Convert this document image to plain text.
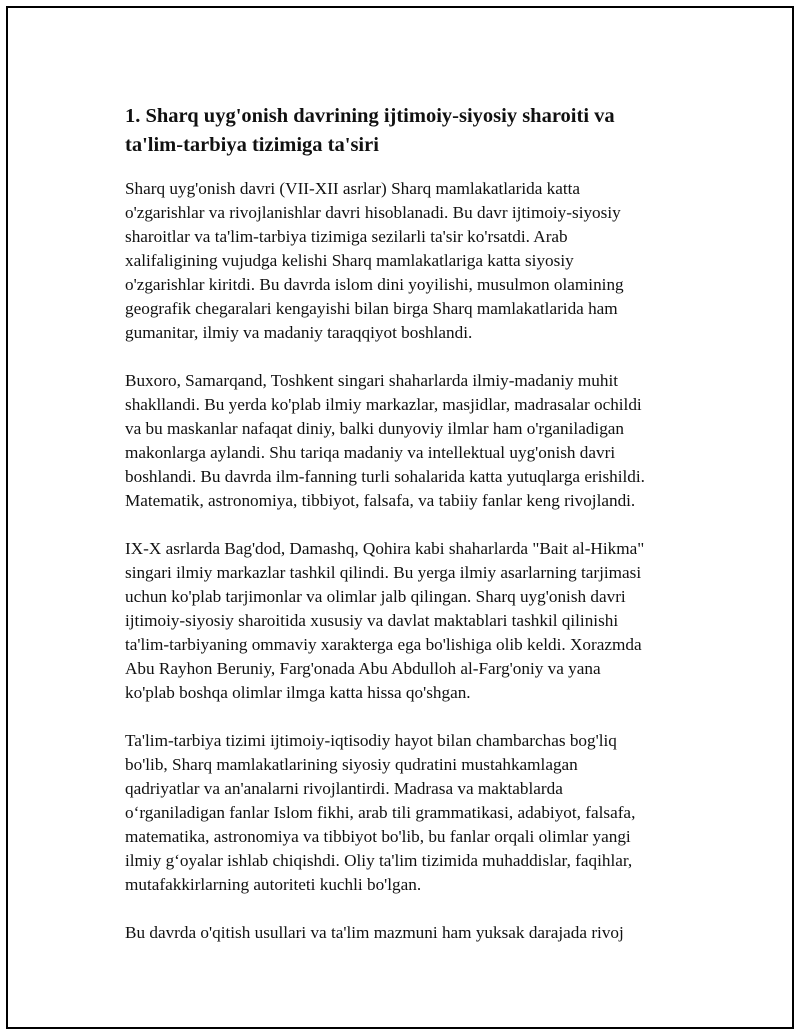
1. Sharq uyg'onish davrining ijtimoiy-siyosiy sharoiti va
ta'lim-tarbiya tizimiga ta'siri
Sharq uyg'onish davri (VII-XII asrlar) Sharq mamlakatlarida katta
o'zgarishlar va rivojlanishlar davri hisoblanadi. Bu davr ijtimoiy-siyosiy
sharoitlar va ta'lim-tarbiya tizimiga sezilarli ta'sir ko'rsatdi. Arab
xalifaligining vujudga kelishi Sharq mamlakatlariga katta siyosiy
o'zgarishlar kiritdi. Bu davrda islom dini yoyilishi, musulmon olamining
geografik chegaralari kengayishi bilan birga Sharq mamlakatlarida ham
gumanitar, ilmiy va madaniy taraqqiyot boshlandi.
Buxoro, Samarqand, Toshkent singari shaharlarda ilmiy-madaniy muhit
shakllandi. Bu yerda ko'plab ilmiy markazlar, masjidlar, madrasalar ochildi
va bu maskanlar nafaqat diniy, balki dunyoviy ilmlar ham o'rganiladigan
makonlarga aylandi. Shu tariqa madaniy va intellektual uyg'onish davri
boshlandi. Bu davrda ilm-fanning turli sohalarida katta yutuqlarga erishildi.
Matematik, astronomiya, tibbiyot, falsafa, va tabiiy fanlar keng rivojlandi.
IX-X asrlarda Bag'dod, Damashq, Qohira kabi shaharlarda "Bait al-Hikma"
singari ilmiy markazlar tashkil qilindi. Bu yerga ilmiy asarlarning tarjimasi
uchun ko'plab tarjimonlar va olimlar jalb qilingan. Sharq uyg'onish davri
ijtimoiy-siyosiy sharoitida xususiy va davlat maktablari tashkil qilinishi
ta'lim-tarbiyaning ommaviy xarakterga ega bo'lishiga olib keldi. Xorazmda
Abu Rayhon Beruniy, Farg'onada Abu Abdulloh al-Farg'oniy va yana
ko'plab boshqa olimlar ilmga katta hissa qo'shgan.
Ta'lim-tarbiya tizimi ijtimoiy-iqtisodiy hayot bilan chambarchas bog'liq
bo'lib, Sharq mamlakatlarining siyosiy qudratini mustahkamlagan
qadriyatlar va an'analarni rivojlantirdi. Madrasa va maktablarda
o‘rganiladigan fanlar Islom fikhi, arab tili grammatikasi, adabiyot, falsafa,
matematika, astronomiya va tibbiyot bo'lib, bu fanlar orqali olimlar yangi
ilmiy g‘oyalar ishlab chiqishdi. Oliy ta'lim tizimida muhaddislar, faqihlar,
mutafakkirlarning autoriteti kuchli bo'lgan.
Bu davrda o'qitish usullari va ta'lim mazmuni ham yuksak darajada rivoj
